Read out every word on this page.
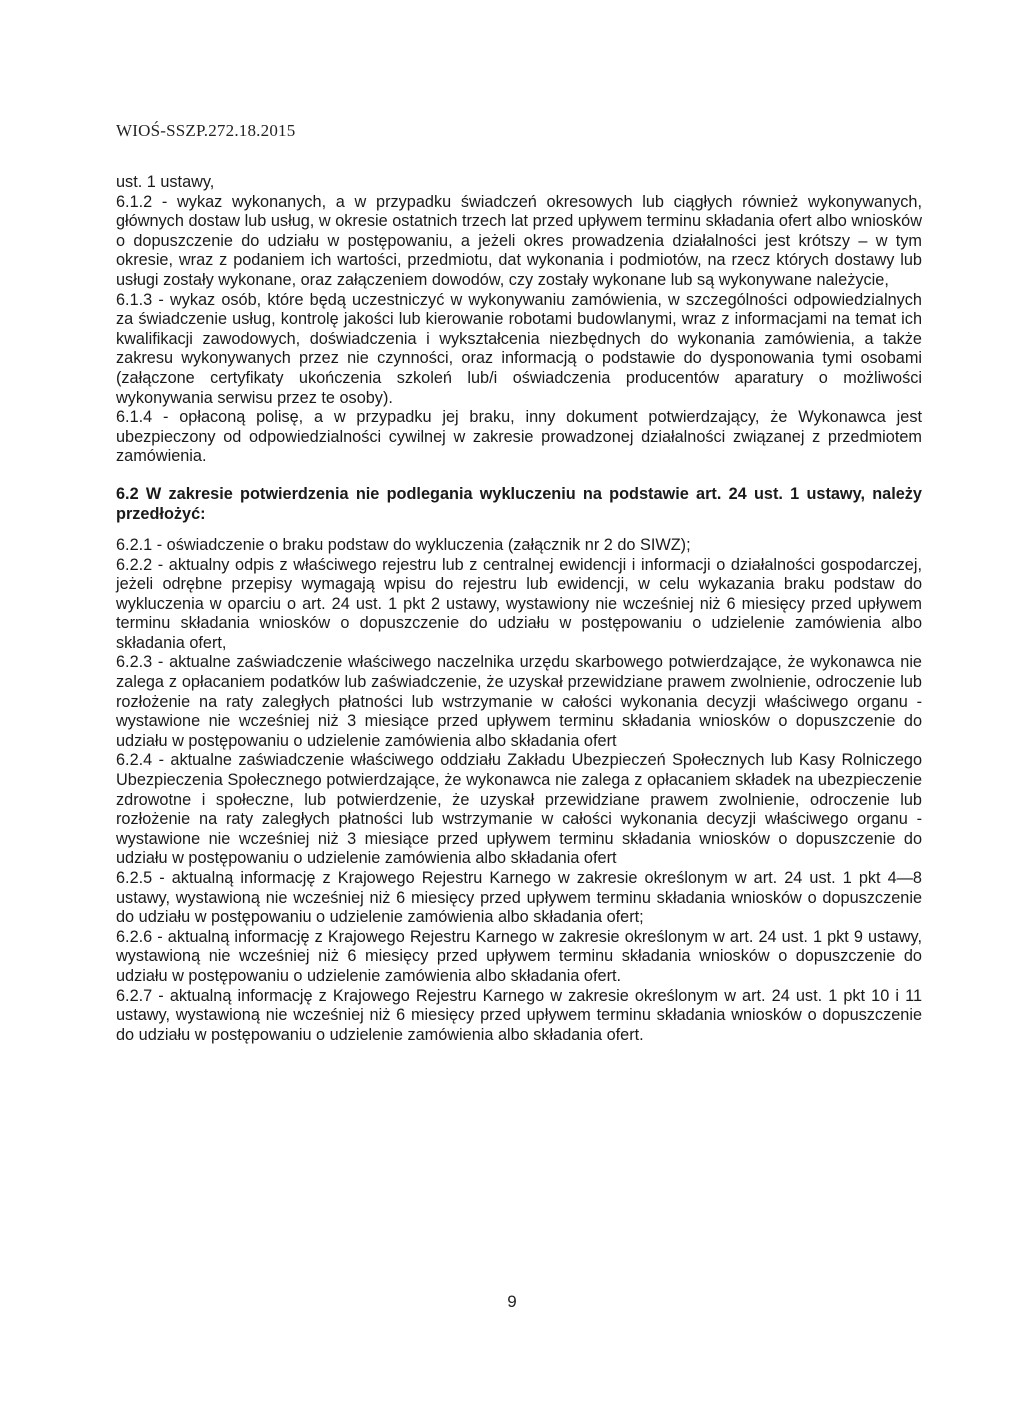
WIOŚ-SSZP.272.18.2015

ust. 1 ustawy,

6.1.2 - wykaz wykonanych, a w przypadku świadczeń okresowych lub ciągłych również wykonywanych, głównych dostaw lub usług, w okresie ostatnich trzech lat przed upływem terminu składania ofert albo wniosków o dopuszczenie do udziału w postępowaniu, a jeżeli okres prowadzenia działalności jest krótszy – w tym okresie, wraz z podaniem ich wartości, przedmiotu, dat wykonania i podmiotów, na rzecz których dostawy lub usługi zostały wykonane, oraz załączeniem dowodów, czy zostały wykonane lub są wykonywane należycie,

6.1.3 - wykaz osób, które będą uczestniczyć w wykonywaniu zamówienia, w szczególności odpowiedzialnych za świadczenie usług, kontrolę jakości lub kierowanie robotami budowlanymi, wraz z informacjami na temat ich kwalifikacji zawodowych, doświadczenia i wykształcenia niezbędnych do wykonania zamówienia, a także zakresu wykonywanych przez nie czynności, oraz informacją o podstawie do dysponowania tymi osobami (załączone certyfikaty ukończenia szkoleń lub/i oświadczenia producentów aparatury o możliwości wykonywania serwisu przez te osoby).

6.1.4 - opłaconą polisę, a w przypadku jej braku, inny dokument potwierdzający, że Wykonawca jest ubezpieczony od odpowiedzialności cywilnej w zakresie prowadzonej działalności związanej z przedmiotem zamówienia.

6.2 W zakresie potwierdzenia nie podlegania wykluczeniu na podstawie art. 24 ust. 1 ustawy, należy przedłożyć:

6.2.1 - oświadczenie o braku podstaw do wykluczenia (załącznik nr 2 do SIWZ);

6.2.2 - aktualny odpis z właściwego rejestru lub z centralnej ewidencji i informacji o działalności gospodarczej, jeżeli odrębne przepisy wymagają wpisu do rejestru lub ewidencji, w celu wykazania braku podstaw do wykluczenia w oparciu o art. 24 ust. 1 pkt 2 ustawy, wystawiony nie wcześniej niż 6 miesięcy przed upływem terminu składania wniosków o dopuszczenie do udziału w postępowaniu o udzielenie zamówienia albo składania ofert,

6.2.3 - aktualne zaświadczenie właściwego naczelnika urzędu skarbowego potwierdzające, że wykonawca nie zalega z opłacaniem podatków lub zaświadczenie, że uzyskał przewidziane prawem zwolnienie, odroczenie lub rozłożenie na raty zaległych płatności lub wstrzymanie w całości wykonania decyzji właściwego organu - wystawione nie wcześniej niż 3 miesiące przed upływem terminu składania wniosków o dopuszczenie do udziału w postępowaniu o udzielenie zamówienia albo składania ofert

6.2.4 - aktualne zaświadczenie właściwego oddziału Zakładu Ubezpieczeń Społecznych lub Kasy Rolniczego Ubezpieczenia Społecznego potwierdzające, że wykonawca nie zalega z opłacaniem składek na ubezpieczenie zdrowotne i społeczne, lub potwierdzenie, że uzyskał przewidziane prawem zwolnienie, odroczenie lub rozłożenie na raty zaległych płatności lub wstrzymanie w całości wykonania decyzji właściwego organu - wystawione nie wcześniej niż 3 miesiące przed upływem terminu składania wniosków o dopuszczenie do udziału w postępowaniu o udzielenie zamówienia albo składania ofert

6.2.5 - aktualną informację z Krajowego Rejestru Karnego w zakresie określonym w art. 24 ust. 1 pkt 4—8 ustawy, wystawioną nie wcześniej niż 6 miesięcy przed upływem terminu składania wniosków o dopuszczenie do udziału w postępowaniu o udzielenie zamówienia albo składania ofert;

6.2.6 - aktualną informację z Krajowego Rejestru Karnego w zakresie określonym w art. 24 ust. 1 pkt 9 ustawy, wystawioną nie wcześniej niż 6 miesięcy przed upływem terminu składania wniosków o dopuszczenie do udziału w postępowaniu o udzielenie zamówienia albo składania ofert.

6.2.7 - aktualną informację z Krajowego Rejestru Karnego w zakresie określonym w art. 24 ust. 1 pkt 10 i 11 ustawy, wystawioną nie wcześniej niż 6 miesięcy przed upływem terminu składania wniosków o dopuszczenie do udziału w postępowaniu o udzielenie zamówienia albo składania ofert.

9
